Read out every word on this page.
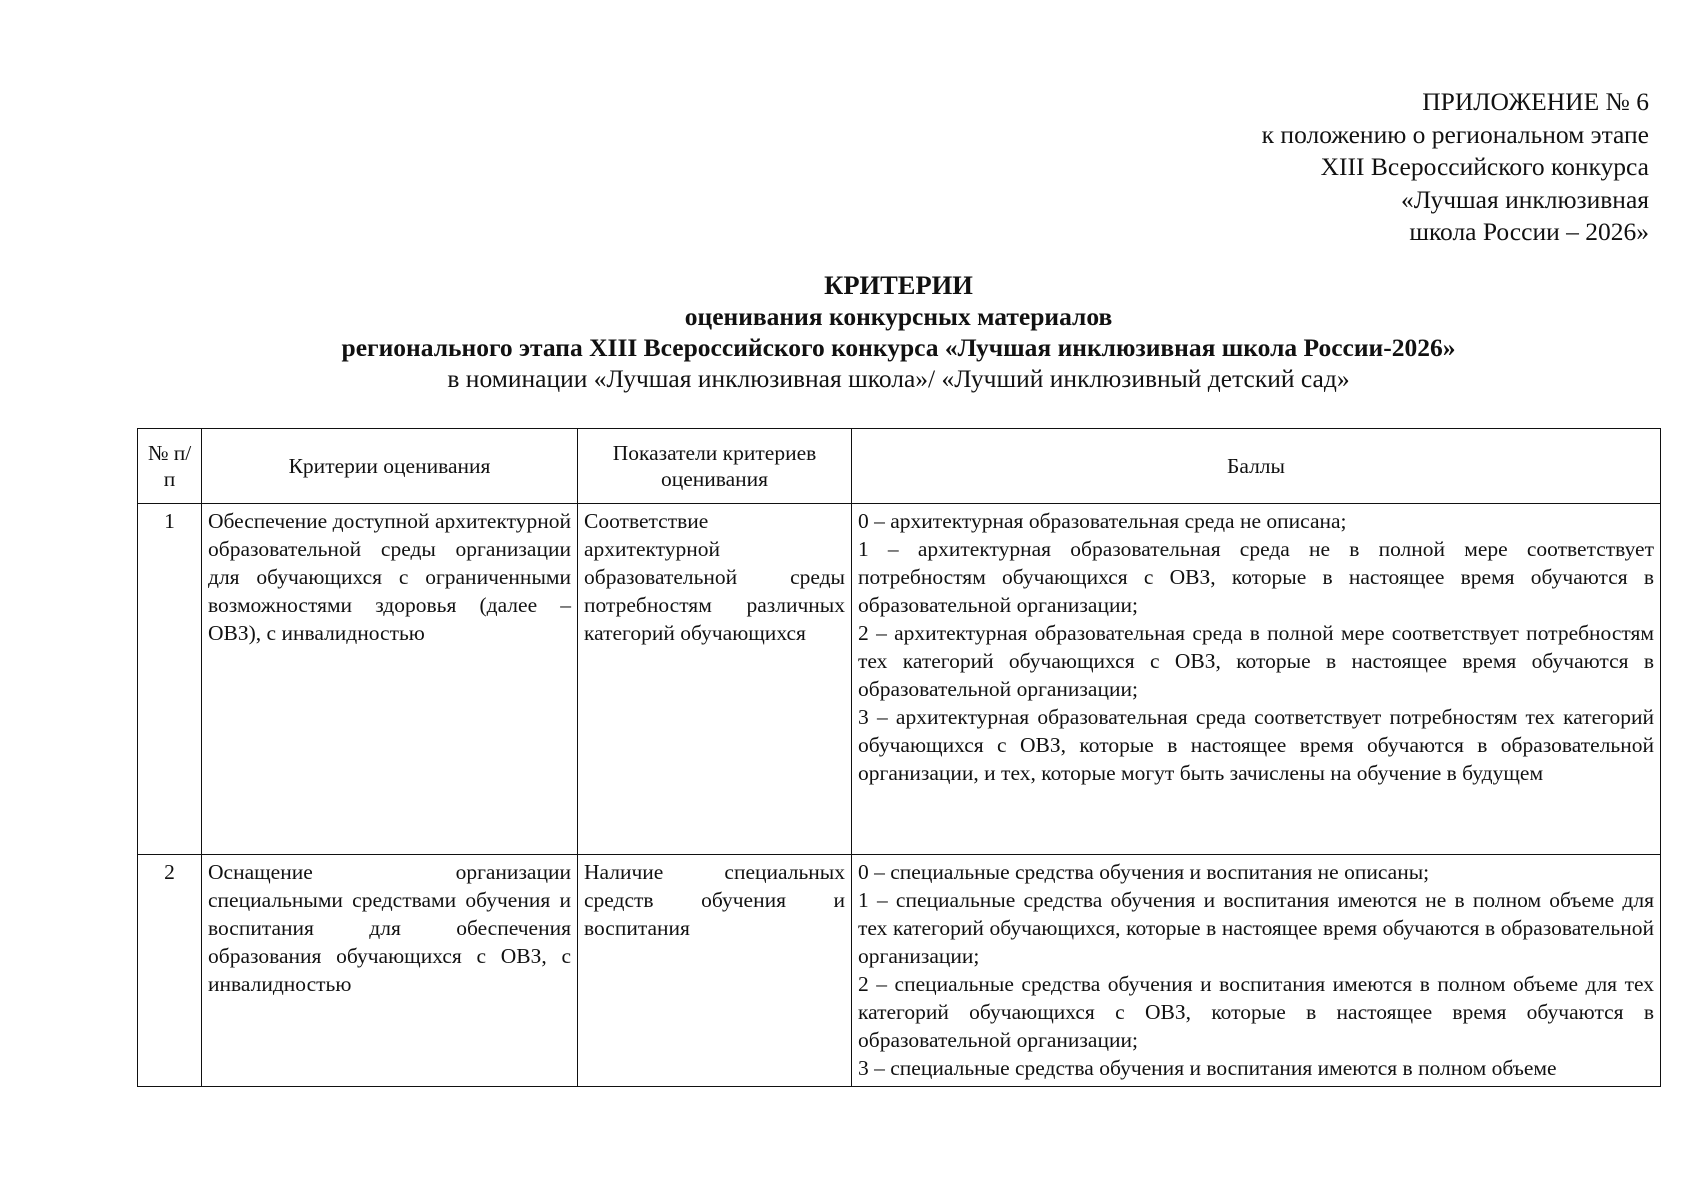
ПРИЛОЖЕНИЕ № 6
к положению о региональном этапе
XIII Всероссийского конкурса
«Лучшая инклюзивная
школа России – 2026»
КРИТЕРИИ
оценивания конкурсных материалов
регионального этапа XIII Всероссийского конкурса «Лучшая инклюзивная школа России-2026»
в номинации «Лучшая инклюзивная школа»/ «Лучший инклюзивный детский сад»
№ п/п	Критерии оценивания	Показатели критериев оценивания	Баллы
1	Обеспечение доступной архитектурной образовательной среды организации для обучающихся с ограниченными возможностями здоровья (далее – ОВЗ), с инвалидностью	Соответствие архитектурной образовательной среды потребностям различных категорий обучающихся	0 – архитектурная образовательная среда не описана;
1 – архитектурная образовательная среда не в полной мере соответствует потребностям обучающихся с ОВЗ, которые в настоящее время обучаются в образовательной организации;
2 – архитектурная образовательная среда в полной мере соответствует потребностям тех категорий обучающихся с ОВЗ, которые в настоящее время обучаются в образовательной организации;
3 – архитектурная образовательная среда соответствует потребностям тех категорий обучающихся с ОВЗ, которые в настоящее время обучаются в образовательной организации, и тех, которые могут быть зачислены на обучение в будущем

2	Оснащение организации специальными средствами обучения и воспитания для обеспечения образования обучающихся с ОВЗ, с инвалидностью	Наличие специальных средств обучения и воспитания	0 – специальные средства обучения и воспитания не описаны;
1 – специальные средства обучения и воспитания имеются не в полном объеме для тех категорий обучающихся, которые в настоящее время обучаются в образовательной организации;
2 – специальные средства обучения и воспитания имеются в полном объеме для тех категорий обучающихся с ОВЗ, которые в настоящее время обучаются в образовательной организации;
3 – специальные средства обучения и воспитания имеются в полном объеме
